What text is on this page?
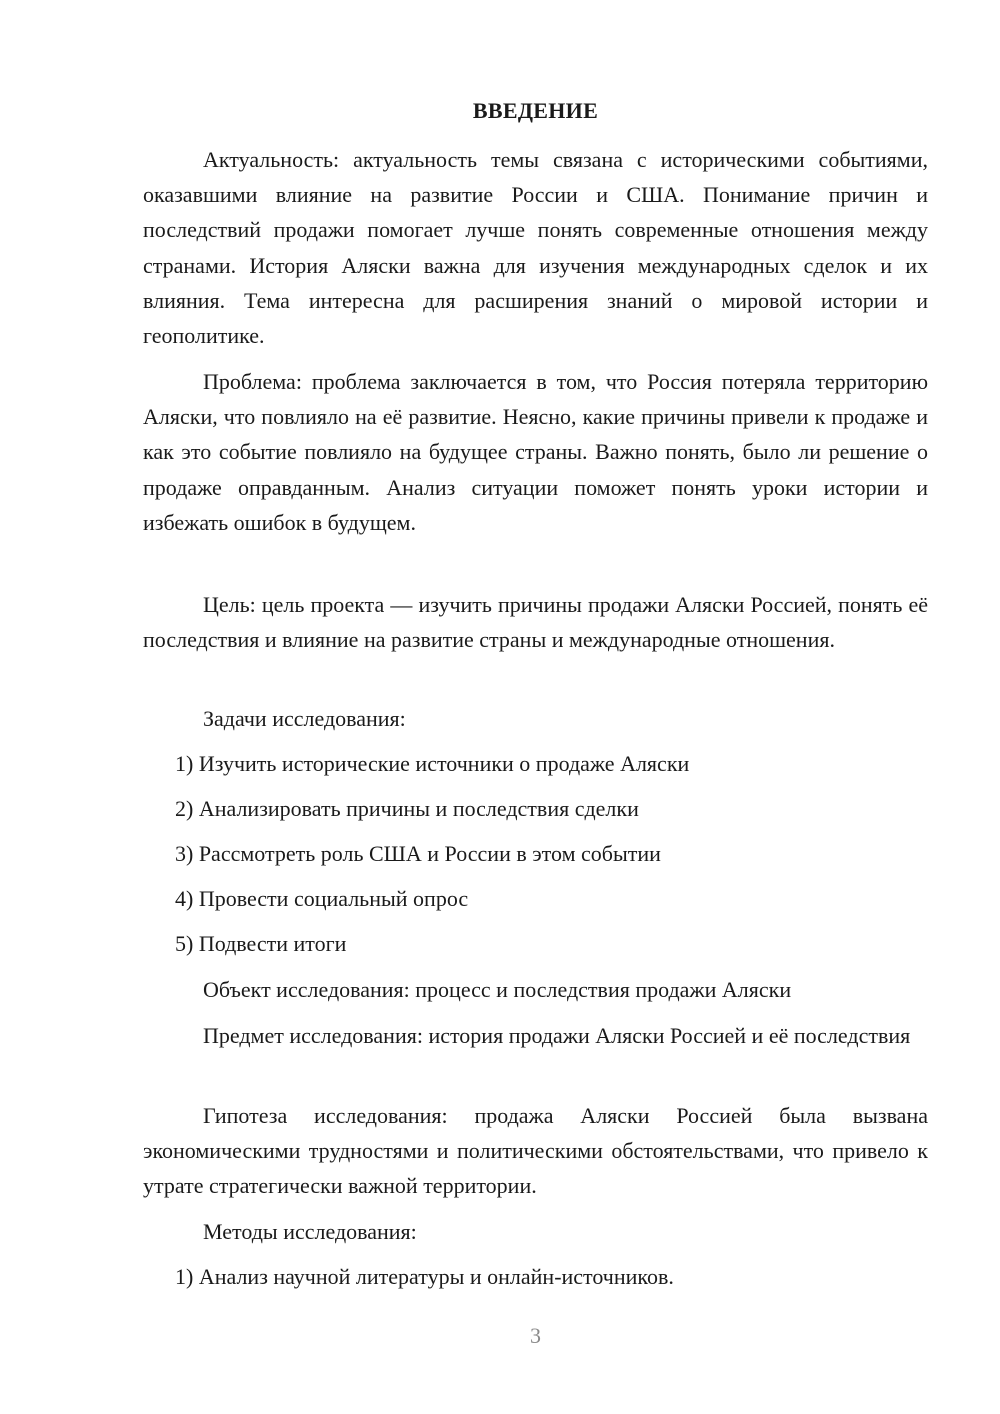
ВВЕДЕНИЕ

Актуальность: актуальность темы связана с историческими событиями, оказавшими влияние на развитие России и США. Понимание причин и последствий продажи помогает лучше понять современные отношения между странами. История Аляски важна для изучения международных сделок и их влияния. Тема интересна для расширения знаний о мировой истории и геополитике.

Проблема: проблема заключается в том, что Россия потеряла территорию Аляски, что повлияло на её развитие. Неясно, какие причины привели к продаже и как это событие повлияло на будущее страны. Важно понять, было ли решение о продаже оправданным. Анализ ситуации поможет понять уроки истории и избежать ошибок в будущем.

Цель: цель проекта — изучить причины продажи Аляски Россией, понять её последствия и влияние на развитие страны и международные отношения.

Задачи исследования:

1) Изучить исторические источники о продаже Аляски

2) Анализировать причины и последствия сделки

3) Рассмотреть роль США и России в этом событии

4) Провести социальный опрос

5) Подвести итоги

Объект исследования: процесс и последствия продажи Аляски

Предмет исследования: история продажи Аляски Россией и её последствия

Гипотеза исследования: продажа Аляски Россией была вызвана экономическими трудностями и политическими обстоятельствами, что привело к утрате стратегически важной территории.

Методы исследования:

1) Анализ научной литературы и онлайн-источников.

3
